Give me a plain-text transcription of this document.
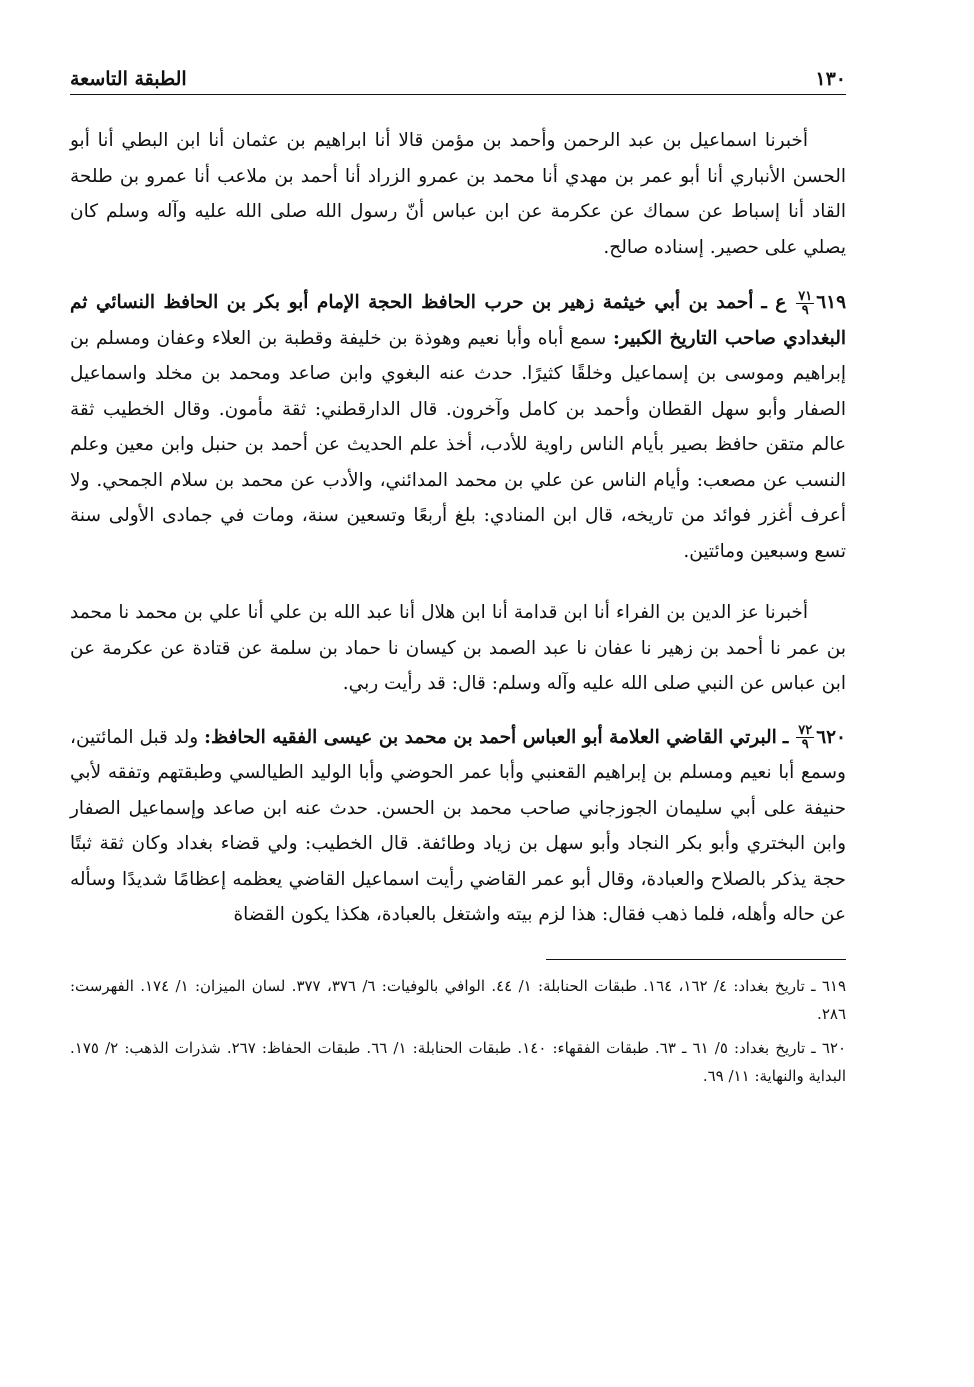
١٣٠
الطبقة التاسعة

أخبرنا اسماعيل بن عبد الرحمن وأحمد بن مؤمن قالا أنا ابراهيم بن عثمان أنا ابن البطي أنا أبو الحسن الأنباري أنا أبو عمر بن مهدي أنا محمد بن عمرو الزراد أنا أحمد بن ملاعب أنا عمرو بن طلحة القاد أنا إسباط عن سماك عن عكرمة عن ابن عباس أنّ رسول الله صلى الله عليه وآله وسلم كان يصلي على حصير. إسناده صالح.

٦١٩
$\frac{٧١}{٩}$
ع ـ أحمد بن أبي خيثمة زهير بن حرب الحافظ الحجة الإمام أبو بكر بن الحافظ النسائي ثم البغدادي صاحب التاريخ الكبير: سمع أباه وأبا نعيم وهوذة بن خليفة وقطبة بن العلاء وعفان ومسلم بن إبراهيم وموسى بن إسماعيل وخلقًا كثيرًا. حدث عنه البغوي وابن صاعد ومحمد بن مخلد واسماعيل الصفار وأبو سهل القطان وأحمد بن كامل وآخرون. قال الدارقطني: ثقة مأمون. وقال الخطيب ثقة عالم متقن حافظ بصير بأيام الناس راوية للأدب، أخذ علم الحديث عن أحمد بن حنبل وابن معين وعلم النسب عن مصعب: وأيام الناس عن علي بن محمد المدائني، والأدب عن محمد بن سلام الجمحي. ولا أعرف أغزر فوائد من تاريخه، قال ابن المنادي: بلغ أربعًا وتسعين سنة، ومات في جمادى الأولى سنة تسع وسبعين ومائتين.

أخبرنا عز الدين بن الفراء أنا ابن قدامة أنا ابن هلال أنا عبد الله بن علي أنا علي بن محمد نا محمد بن عمر نا أحمد بن زهير نا عفان نا عبد الصمد بن كيسان نا حماد بن سلمة عن قتادة عن عكرمة عن ابن عباس عن النبي صلى الله عليه وآله وسلم: قال: قد رأيت ربي.

٦٢٠
$\frac{٧٢}{٩}$
ـ البرتي القاضي العلامة أبو العباس أحمد بن محمد بن عيسى الفقيه الحافظ: ولد قبل المائتين، وسمع أبا نعيم ومسلم بن إبراهيم القعنبي وأبا عمر الحوضي وأبا الوليد الطيالسي وطبقتهم وتفقه لأبي حنيفة على أبي سليمان الجوزجاني صاحب محمد بن الحسن. حدث عنه ابن صاعد وإسماعيل الصفار وابن البختري وأبو بكر النجاد وأبو سهل بن زياد وطائفة. قال الخطيب: ولي قضاء بغداد وكان ثقة ثبتًا حجة يذكر بالصلاح والعبادة، وقال أبو عمر القاضي رأيت اسماعيل القاضي يعظمه إعظامًا شديدًا وسأله عن حاله وأهله، فلما ذهب فقال: هذا لزم بيته واشتغل بالعبادة، هكذا يكون القضاة

٦١٩ ـ تاريخ بغداد: ٤/ ١٦٢، ١٦٤. طبقات الحنابلة: ١/ ٤٤. الوافي بالوفيات: ٦/ ٣٧٦، ٣٧٧. لسان الميزان: ١/ ١٧٤. الفهرست: ٢٨٦.

٦٢٠ ـ تاريخ بغداد: ٥/ ٦١ ـ ٦٣. طبقات الفقهاء: ١٤٠. طبقات الحنابلة: ١/ ٦٦. طبقات الحفاظ: ٢٦٧. شذرات الذهب: ٢/ ١٧٥. البداية والنهاية: ١١/ ٦٩.
